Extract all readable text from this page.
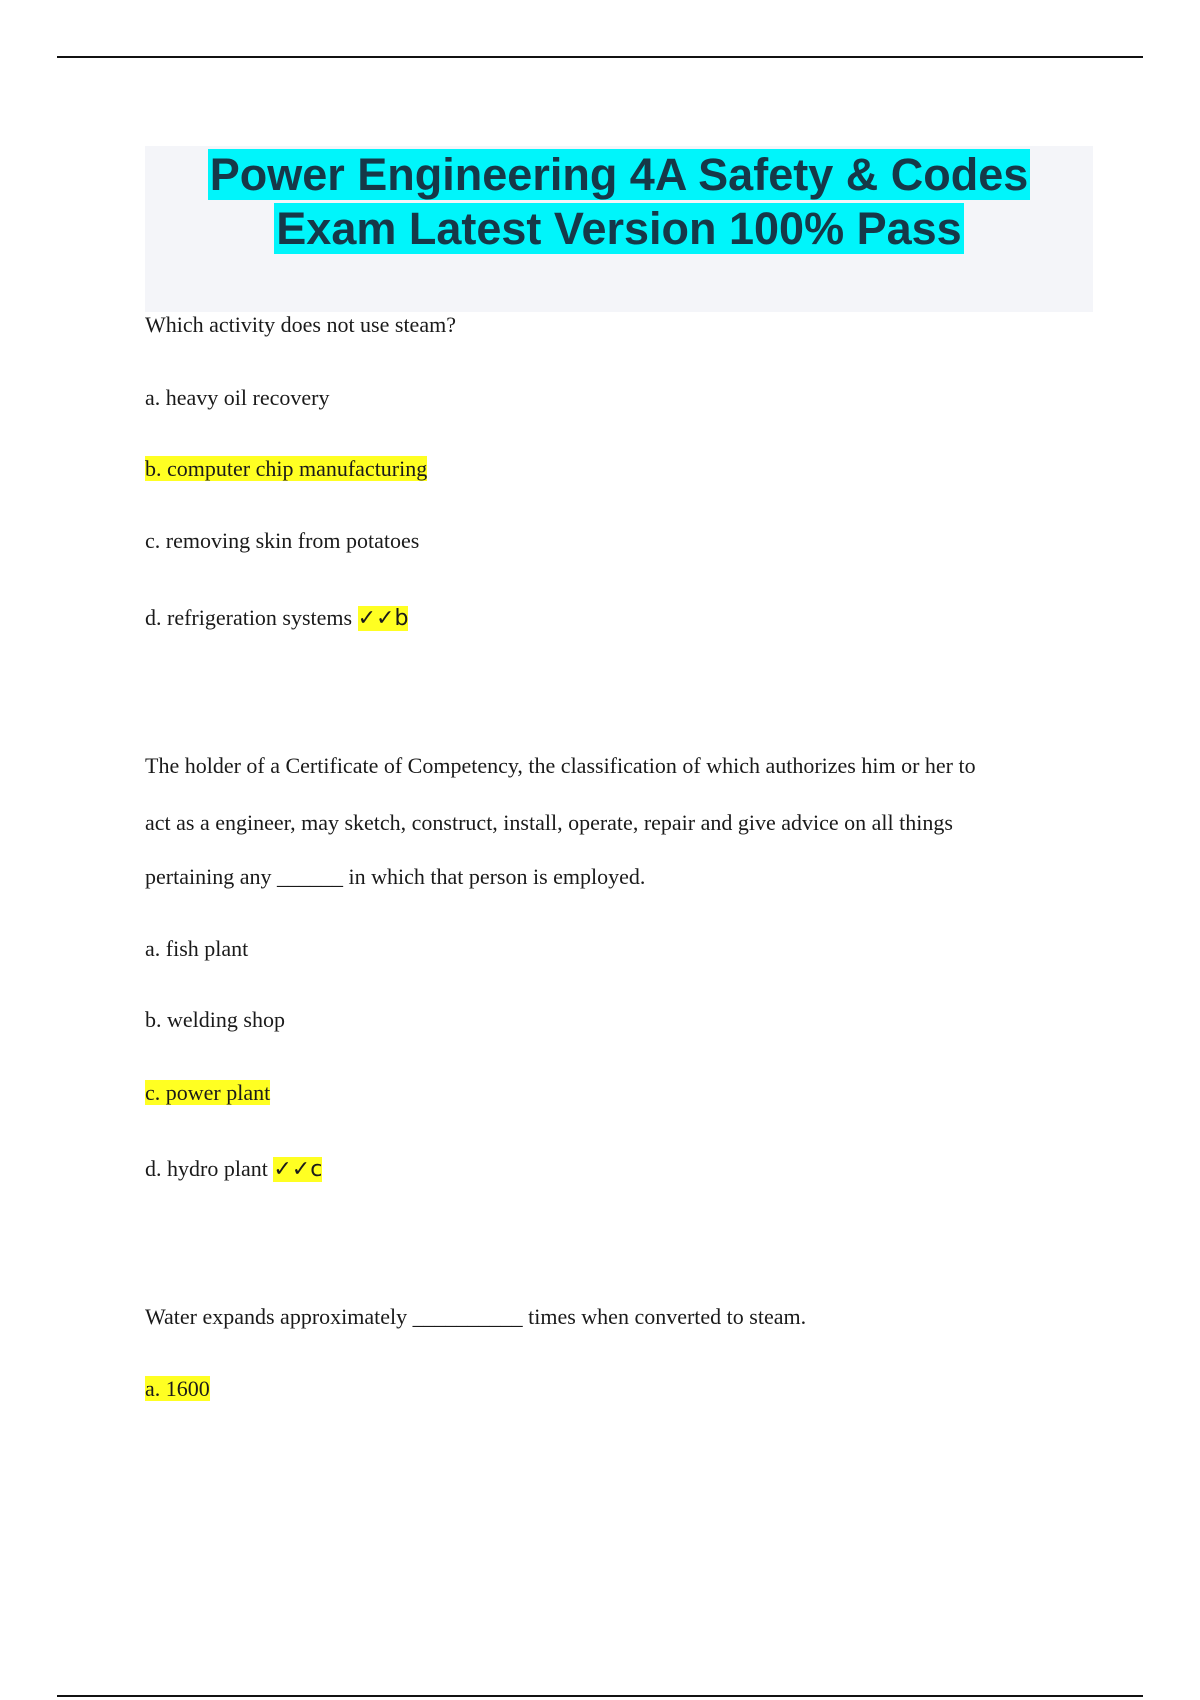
Power Engineering 4A Safety & Codes
Exam Latest Version 100% Pass

Which activity does not use steam?

a. heavy oil recovery

b. computer chip manufacturing

c. removing skin from potatoes

d. refrigeration systems ✓✓b

The holder of a Certificate of Competency, the classification of which authorizes him or her to

act as a engineer, may sketch, construct, install, operate, repair and give advice on all things

pertaining any ______ in which that person is employed.

a. fish plant

b. welding shop

c. power plant

d. hydro plant ✓✓c

Water expands approximately __________ times when converted to steam.

a. 1600
